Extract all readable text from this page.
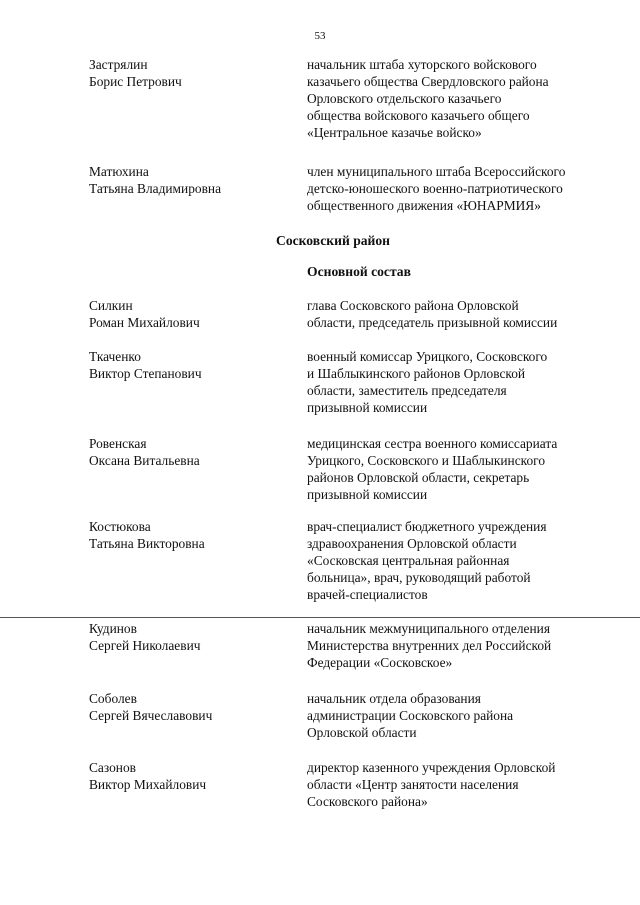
53
Застрялин
Борис Петрович
начальник штаба хуторского войскового
казачьего общества Свердловского района
Орловского отдельского казачьего
общества войскового казачьего общего
«Центральное казачье войско»
Матюхина
Татьяна Владимировна
член муниципального штаба Всероссийского
детско-юношеского военно-патриотического
общественного движения «ЮНАРМИЯ»
Сосковский район
Основной состав
Силкин
Роман Михайлович
глава Сосковского района Орловской
области, председатель призывной комиссии
Ткаченко
Виктор Степанович
военный комиссар Урицкого, Сосковского
и Шаблыкинского районов Орловской
области, заместитель председателя
призывной комиссии
Ровенская
Оксана Витальевна
медицинская сестра военного комиссариата
Урицкого, Сосковского и Шаблыкинского
районов Орловской области, секретарь
призывной комиссии
Костюкова
Татьяна Викторовна
врач-специалист бюджетного учреждения
здравоохранения Орловской области
«Сосковская центральная районная
больница», врач, руководящий работой
врачей-специалистов
Кудинов
Сергей Николаевич
начальник межмуниципального отделения
Министерства внутренних дел Российской
Федерации «Сосковское»
Соболев
Сергей Вячеславович
начальник отдела образования
администрации Сосковского района
Орловской области
Сазонов
Виктор Михайлович
директор казенного учреждения Орловской
области «Центр занятости населения
Сосковского района»
